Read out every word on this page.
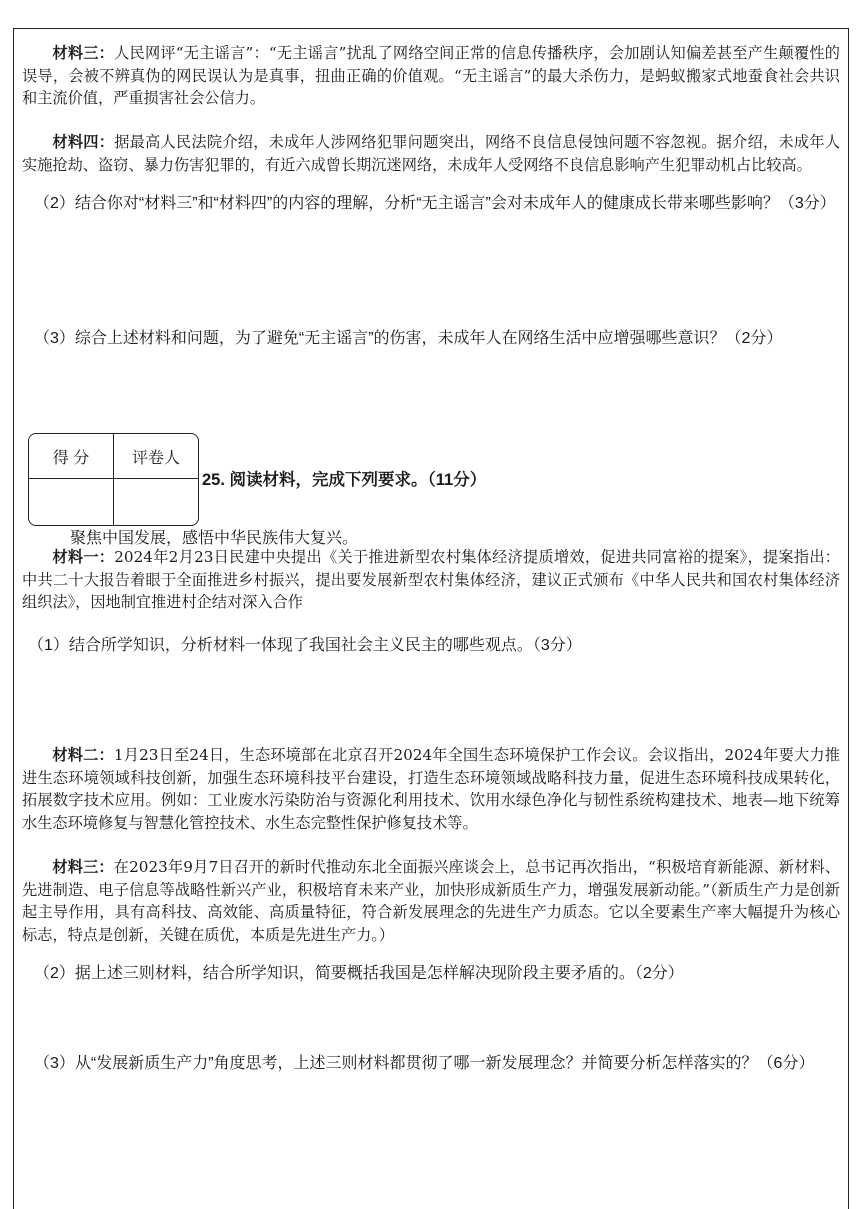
材料三：人民网评“无主谣言”：“无主谣言”扰乱了网络空间正常的信息传播秩序，会加剧认知偏差甚至产生颠覆性的误导，会被不辨真伪的网民误认为是真事，扭曲正确的价值观。“无主谣言”的最大杀伤力，是蚂蚁搬家式地蚕食社会共识和主流价值，严重损害社会公信力。

材料四：据最高人民法院介绍，未成年人涉网络犯罪问题突出，网络不良信息侵蚀问题不容忽视。据介绍，未成年人实施抢劫、盗窃、暴力伤害犯罪的，有近六成曾长期沉迷网络，未成年人受网络不良信息影响产生犯罪动机占比较高。

（2）结合你对“材料三”和“材料四”的内容的理解，分析“无主谣言”会对未成年人的健康成长带来哪些影响？（3分）
（3）综合上述材料和问题，为了避免“无主谣言”的伤害，未成年人在网络生活中应增强哪些意识？（2分）
得 分	评卷人

25. 阅读材料，完成下列要求。（11分）
聚焦中国发展，感悟中华民族伟大复兴。

材料一：2024年2月23日民建中央提出《关于推进新型农村集体经济提质增效，促进共同富裕的提案》，提案指出：中共二十大报告着眼于全面推进乡村振兴，提出要发展新型农村集体经济，建议正式颁布《中华人民共和国农村集体经济组织法》，因地制宜推进村企结对深入合作

（1）结合所学知识，分析材料一体现了我国社会主义民主的哪些观点。（3分）

材料二：1月23日至24日，生态环境部在北京召开2024年全国生态环境保护工作会议。会议指出，2024年要大力推进生态环境领域科技创新，加强生态环境科技平台建设，打造生态环境领域战略科技力量，促进生态环境科技成果转化，拓展数字技术应用。例如：工业废水污染防治与资源化利用技术、饮用水绿色净化与韧性系统构建技术、地表—地下统筹水生态环境修复与智慧化管控技术、水生态完整性保护修复技术等。

材料三：在2023年9月7日召开的新时代推动东北全面振兴座谈会上，总书记再次指出，“积极培育新能源、新材料、先进制造、电子信息等战略性新兴产业，积极培育未来产业，加快形成新质生产力，增强发展新动能。”（新质生产力是创新起主导作用，具有高科技、高效能、高质量特征，符合新发展理念的先进生产力质态。它以全要素生产率大幅提升为核心标志，特点是创新，关键在质优，本质是先进生产力。）

（2）据上述三则材料，结合所学知识，简要概括我国是怎样解决现阶段主要矛盾的。（2分）
（3）从“发展新质生产力”角度思考，上述三则材料都贯彻了哪一新发展理念？并简要分析怎样落实的？（6分）
